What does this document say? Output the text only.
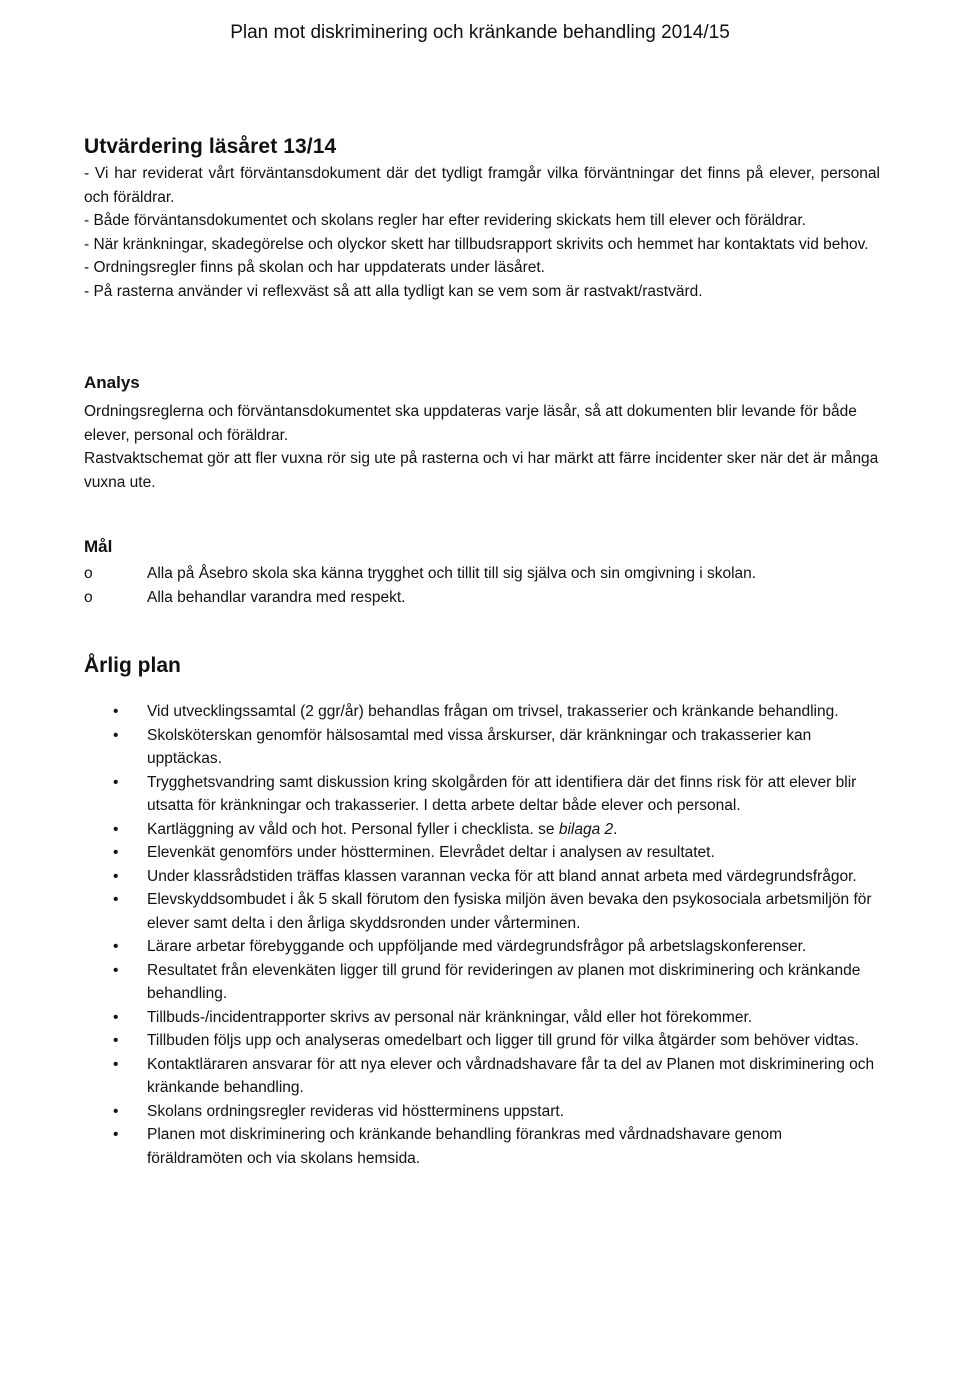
Plan mot diskriminering och kränkande behandling 2014/15
Utvärdering läsåret 13/14

- Vi har reviderat vårt förväntansdokument där det tydligt framgår vilka förväntningar det finns på elever, personal och föräldrar.

- Både förväntansdokumentet och skolans regler har efter revidering skickats hem till elever och föräldrar.

- När kränkningar, skadegörelse och olyckor skett har tillbudsrapport skrivits och hemmet har kontaktats vid behov.

- Ordningsregler finns på skolan och har uppdaterats under läsåret.

- På rasterna använder vi reflexväst så att alla tydligt kan se vem som är rastvakt/rastvärd.

Analys

Ordningsreglerna och förväntansdokumentet ska uppdateras varje läsår, så att dokumenten blir levande för både elever, personal och föräldrar.

Rastvaktschemat gör att fler vuxna rör sig ute på rasterna och vi har märkt att färre incidenter sker när det är många vuxna ute.

Mål
o	Alla på Åsebro skola ska känna trygghet och tillit till sig själva och sin omgivning i skolan.
o	Alla behandlar varandra med respekt.
Årlig plan
•	Vid utvecklingssamtal (2 ggr/år) behandlas frågan om trivsel, trakasserier och kränkande behandling.
•	Skolsköterskan genomför hälsosamtal med vissa årskurser, där kränkningar och trakasserier kan upptäckas.
•	Trygghetsvandring samt diskussion kring skolgården för att identifiera där det finns risk för att elever blir utsatta för kränkningar och trakasserier. I detta arbete deltar både elever och personal.
•	Kartläggning av våld och hot. Personal fyller i checklista. se bilaga 2.
•	Elevenkät genomförs under höstterminen. Elevrådet deltar i analysen av resultatet.
•	Under klassrådstiden träffas klassen varannan vecka för att bland annat arbeta med värdegrundsfrågor.
•	Elevskyddsombudet i åk 5 skall förutom den fysiska miljön även bevaka den psykosociala arbetsmiljön för elever samt delta i den årliga skyddsronden under vårterminen.
•	Lärare arbetar förebyggande och uppföljande med värdegrundsfrågor på arbetslagskonferenser.
•	Resultatet från elevenkäten ligger till grund för revideringen av planen mot diskriminering och kränkande behandling.
•	Tillbuds-/incidentrapporter skrivs av personal när kränkningar, våld eller hot förekommer.
•	Tillbuden följs upp och analyseras omedelbart och ligger till grund för vilka åtgärder som behöver vidtas.
•	Kontaktläraren ansvarar för att nya elever och vårdnadshavare får ta del av Planen mot diskriminering och kränkande behandling.
•	Skolans ordningsregler revideras vid höstterminens uppstart.
•	Planen mot diskriminering och kränkande behandling förankras med vårdnadshavare genom föräldramöten och via skolans hemsida.
